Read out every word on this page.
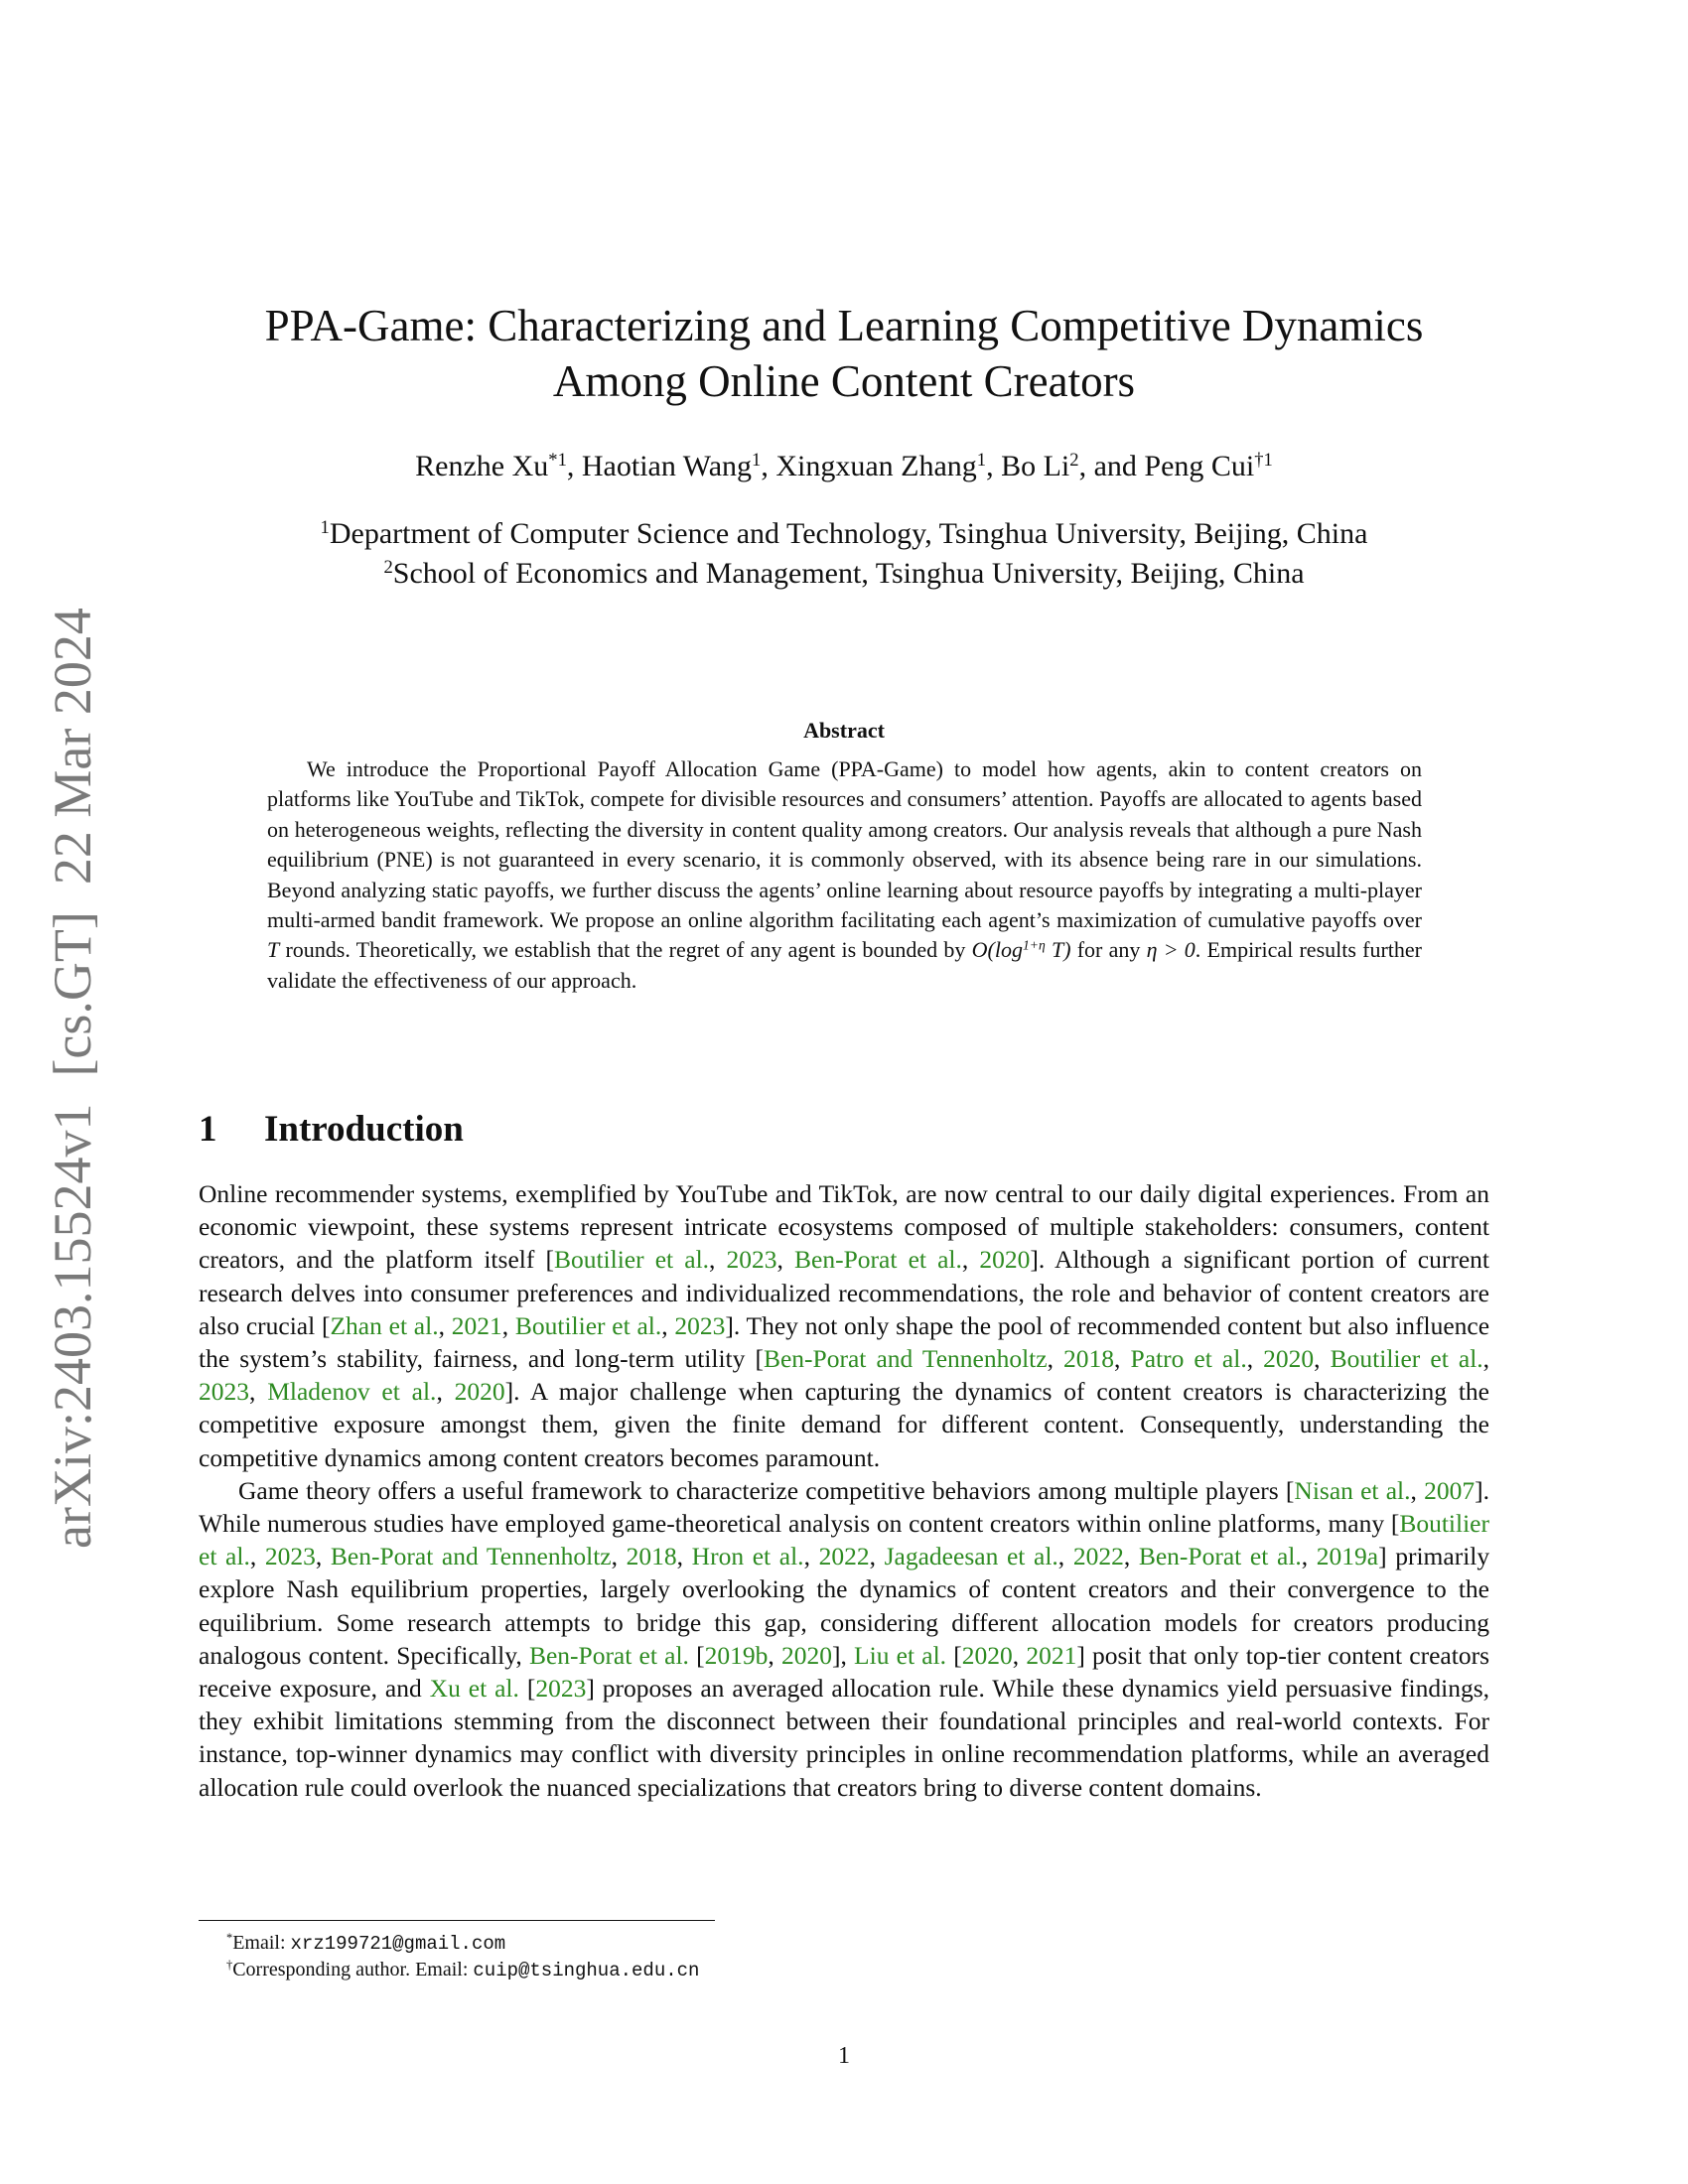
arXiv:2403.15524v1  [cs.GT]  22 Mar 2024
PPA-Game: Characterizing and Learning Competitive Dynamics
Among Online Content Creators
Renzhe Xu$^{*1}$, Haotian Wang$^1$, Xingxuan Zhang$^1$, Bo Li$^2$, and Peng Cui$^{\dagger 1}$
$^1$Department of Computer Science and Technology, Tsinghua University, Beijing, China
$^2$School of Economics and Management, Tsinghua University, Beijing, China
Abstract

We introduce the Proportional Payoff Allocation Game (PPA-Game) to model how agents, akin to content creators on platforms like YouTube and TikTok, compete for divisible resources and consumers’ attention. Payoffs are allocated to agents based on heterogeneous weights, reflecting the diversity in content quality among creators. Our analysis reveals that although a pure Nash equilibrium (PNE) is not guaranteed in every scenario, it is commonly observed, with its absence being rare in our simulations. Beyond analyzing static payoffs, we further discuss the agents’ online learning about resource payoffs by integrating a multi-player multi-armed bandit framework. We propose an online algorithm facilitating each agent’s maximization of cumulative payoffs over T rounds. Theoretically, we establish that the regret of any agent is bounded by $O(\log^{1+\eta}$ T) for any η > 0. Empirical results further validate the effectiveness of our approach.

1 Introduction

Online recommender systems, exemplified by YouTube and TikTok, are now central to our daily digital experiences. From an economic viewpoint, these systems represent intricate ecosystems composed of multiple stakeholders: consumers, content creators, and the platform itself [Boutilier et al., 2023, Ben-Porat et al., 2020]. Although a significant portion of current research delves into consumer preferences and individualized recommendations, the role and behavior of content creators are also crucial [Zhan et al., 2021, Boutilier et al., 2023]. They not only shape the pool of recommended content but also influence the system’s stability, fairness, and long-term utility [Ben-Porat and Tennenholtz, 2018, Patro et al., 2020, Boutilier et al., 2023, Mladenov et al., 2020]. A major challenge when capturing the dynamics of content creators is characterizing the competitive exposure amongst them, given the finite demand for different content. Consequently, understanding the competitive dynamics among content creators becomes paramount.

Game theory offers a useful framework to characterize competitive behaviors among multiple players [Nisan et al., 2007]. While numerous studies have employed game-theoretical analysis on content creators within online platforms, many [Boutilier et al., 2023, Ben-Porat and Tennenholtz, 2018, Hron et al., 2022, Jagadeesan et al., 2022, Ben-Porat et al., 2019a] primarily explore Nash equilibrium properties, largely overlooking the dynamics of content creators and their convergence to the equilibrium. Some research attempts to bridge this gap, considering different allocation models for creators producing analogous content. Specifically, Ben-Porat et al. [2019b, 2020], Liu et al. [2020, 2021] posit that only top-tier content creators receive exposure, and Xu et al. [2023] proposes an averaged allocation rule. While these dynamics yield persuasive findings, they exhibit limitations stemming from the disconnect between their foundational principles and real-world contexts. For instance, top-winner dynamics may conflict with diversity principles in online recommendation platforms, while an averaged allocation rule could overlook the nuanced specializations that creators bring to diverse content domains.

*Email: xrz199721@gmail.com
†Corresponding author. Email: cuip@tsinghua.edu.cn
1
